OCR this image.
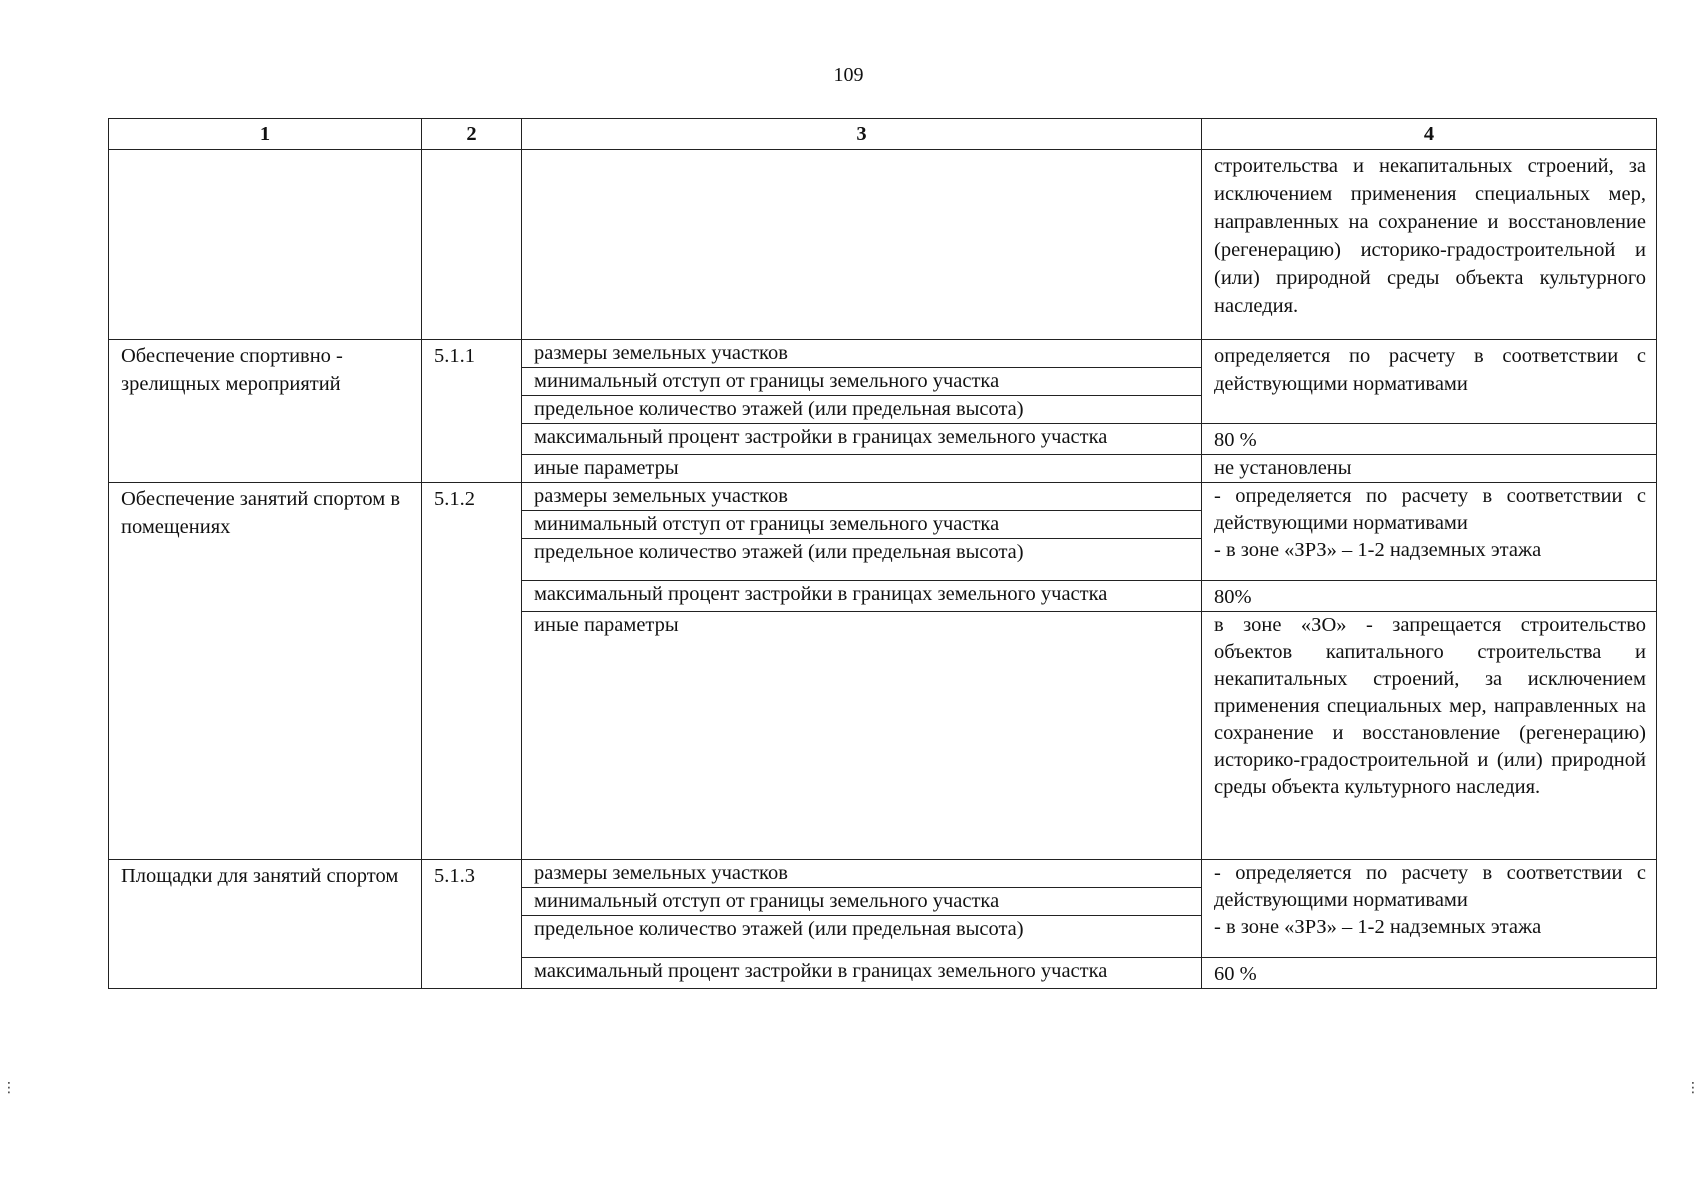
109
⋮	⋮
1	2	3	4
			строительства и некапитальных строений, за исключением применения специальных мер, направленных на сохранение и восстановление (регенерацию) историко-градостроительной и (или) природной среды объекта культурного наследия.
Обеспечение спортивно - зрелищных мероприятий	5.1.1	размеры земельных участков	определяется по расчету в соответствии с действующими нормативами
		минимальный отступ от границы земельного участка	
		предельное количество этажей (или предельная высота)	
		максимальный процент застройки в границах земельного участка	80 %
		иные параметры	не установлены
Обеспечение занятий спортом в помещениях	5.1.2	размеры земельных участков	- определяется по расчету в соответствии с действующими нормативами
- в зоне «ЗРЗ» – 1-2 надземных этажа

		минимальный отступ от границы земельного участка	
		предельное количество этажей (или предельная высота)	
		максимальный процент застройки в границах земельного участка	80%
		иные параметры	в зоне «ЗО» - запрещается строительство объектов капитального строительства и некапитальных строений, за исключением применения специальных мер, направленных на сохранение и восстановление (регенерацию) историко-градостроительной и (или) природной среды объекта культурного наследия.
Площадки для занятий спортом	5.1.3	размеры земельных участков	- определяется по расчету в соответствии с действующими нормативами
- в зоне «ЗРЗ» – 1-2 надземных этажа

		минимальный отступ от границы земельного участка	
		предельное количество этажей (или предельная высота)	
		максимальный процент застройки в границах земельного участка	60 %
